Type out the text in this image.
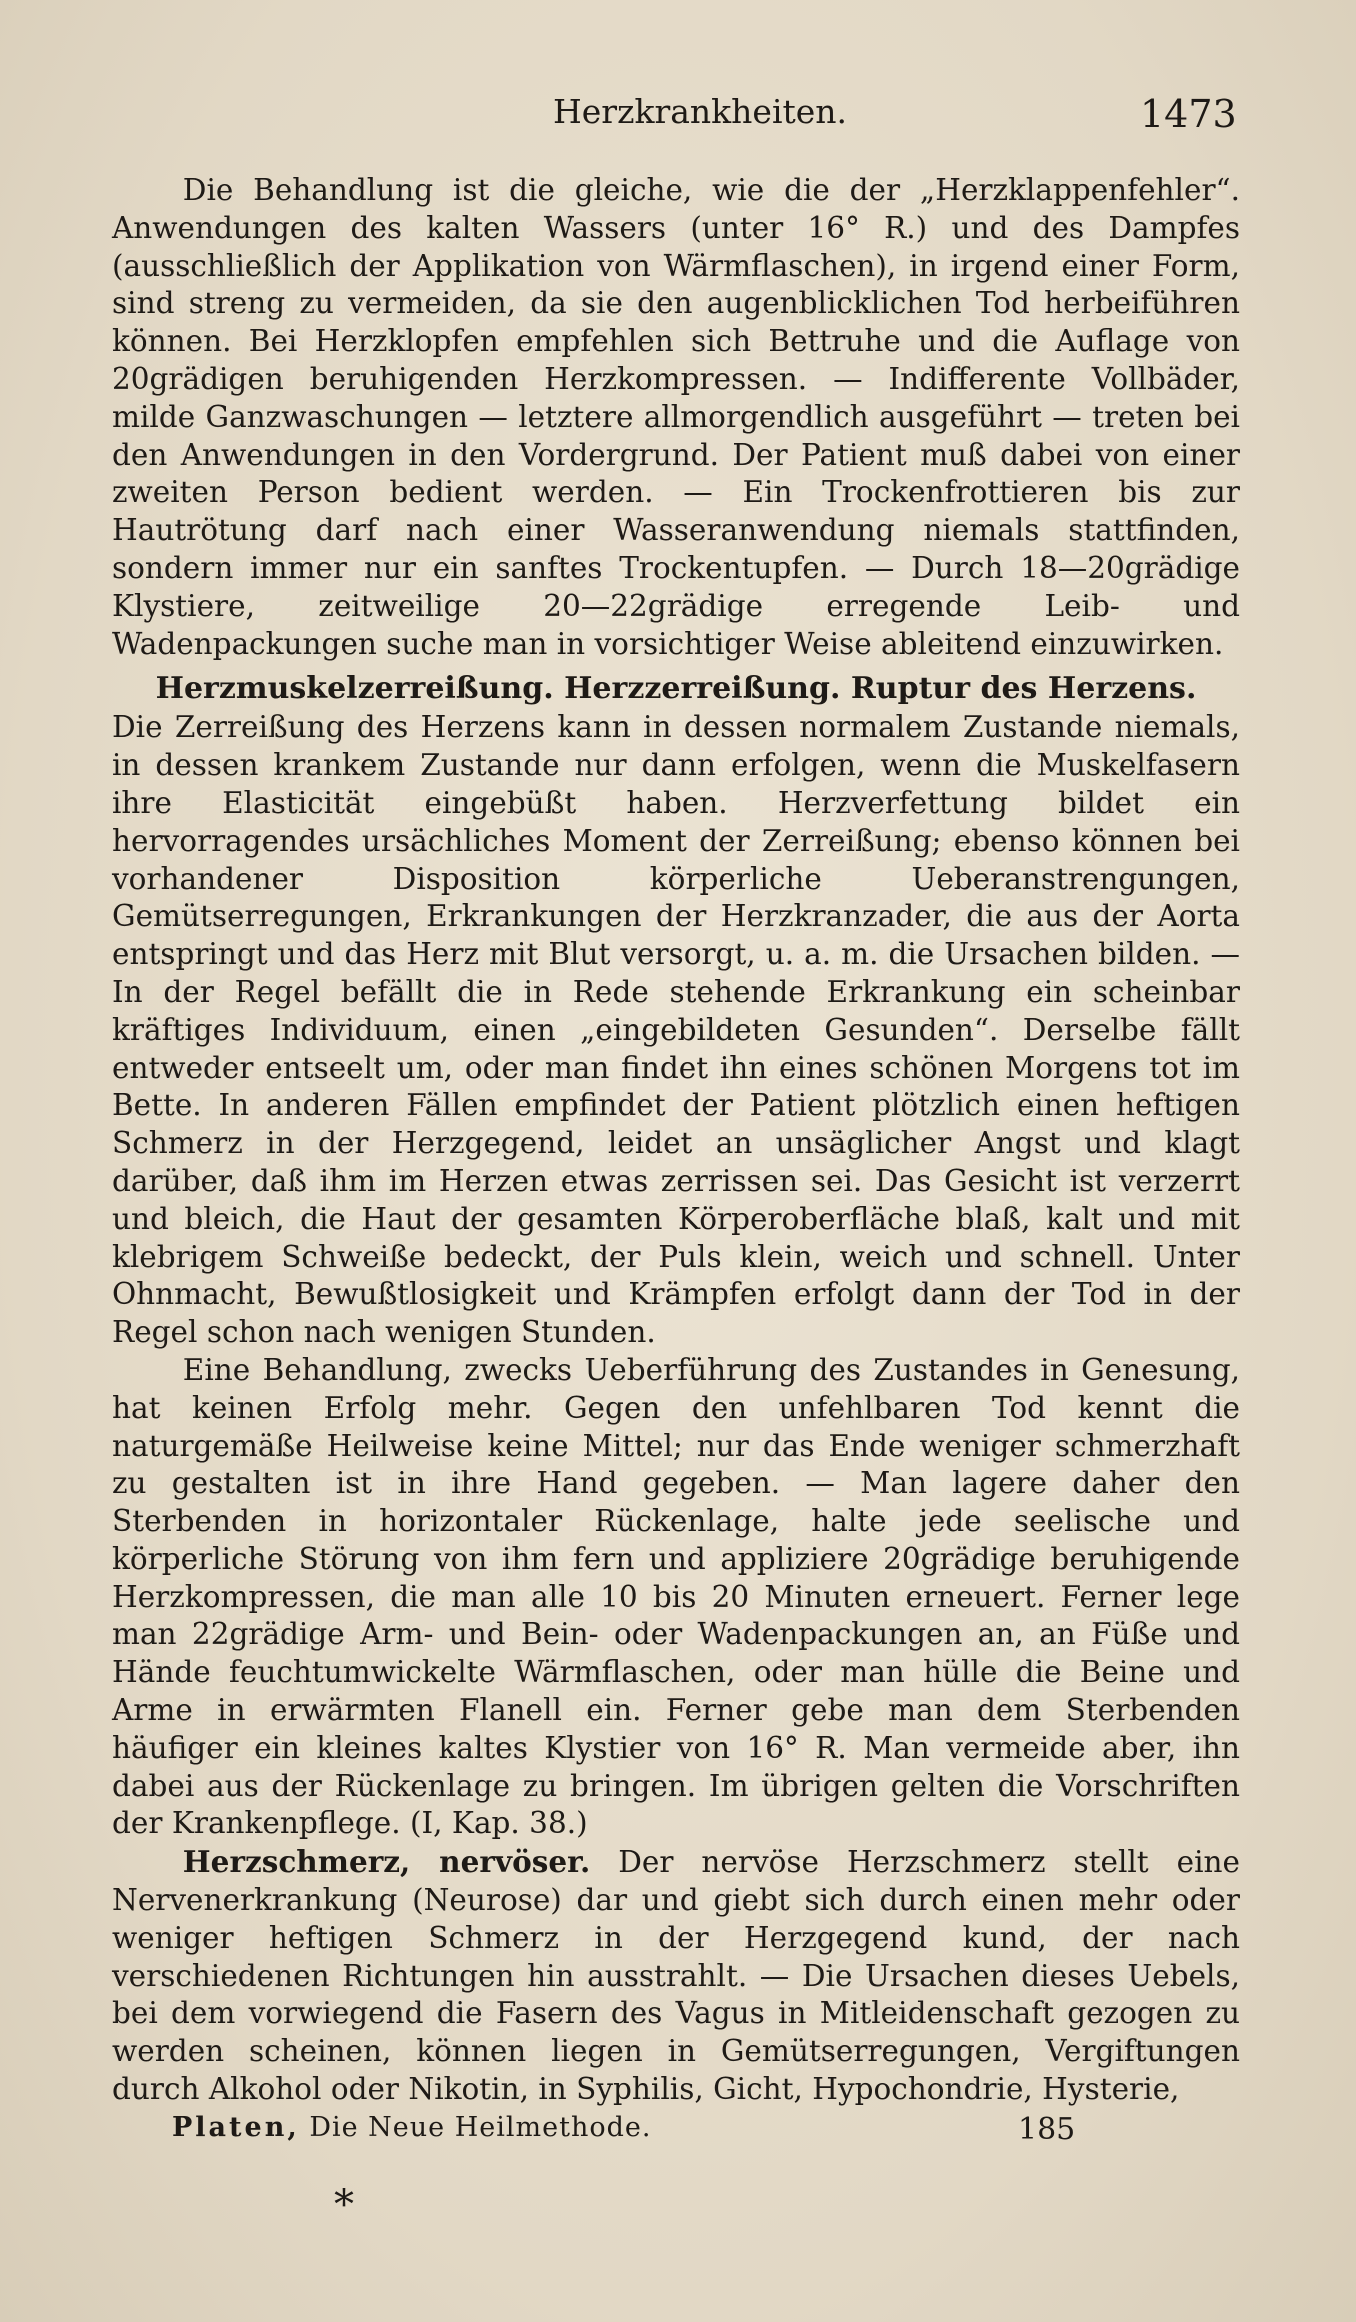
Herzkrankheiten.	1473

Die Behandlung ist die gleiche, wie die der „Herzklappenfehler“. Anwendungen des kalten Wassers (unter 16° R.) und des Dampfes (ausschließlich der Applikation von Wärmflaschen), in irgend einer Form, sind streng zu vermeiden, da sie den augenblicklichen Tod herbeiführen können. Bei Herzklopfen empfehlen sich Bettruhe und die Auflage von 20grädigen beruhigenden Herzkompressen. — Indifferente Vollbäder, milde Ganzwaschungen — letztere allmorgendlich ausgeführt — treten bei den Anwendungen in den Vordergrund. Der Patient muß dabei von einer zweiten Person bedient werden. — Ein Trockenfrottieren bis zur Hautrötung darf nach einer Wasseranwendung niemals stattfinden, sondern immer nur ein sanftes Trockentupfen. — Durch 18—20grädige Klystiere, zeitweilige 20—22grädige erregende Leib- und Wadenpackungen suche man in vorsichtiger Weise ableitend einzuwirken.

Herzmuskelzerreißung. Herzzerreißung. Ruptur des Herzens.

Die Zerreißung des Herzens kann in dessen normalem Zustande niemals, in dessen krankem Zustande nur dann erfolgen, wenn die Muskelfasern ihre Elasticität eingebüßt haben. Herzverfettung bildet ein hervorragendes ursächliches Moment der Zerreißung; ebenso können bei vorhandener Disposition körperliche Ueberanstrengungen, Gemütserregungen, Erkrankungen der Herzkranzader, die aus der Aorta entspringt und das Herz mit Blut versorgt, u. a. m. die Ursachen bilden. — In der Regel befällt die in Rede stehende Erkrankung ein scheinbar kräftiges Individuum, einen „eingebildeten Gesunden“. Derselbe fällt entweder entseelt um, oder man findet ihn eines schönen Morgens tot im Bette. In anderen Fällen empfindet der Patient plötzlich einen heftigen Schmerz in der Herzgegend, leidet an unsäglicher Angst und klagt darüber, daß ihm im Herzen etwas zerrissen sei. Das Gesicht ist verzerrt und bleich, die Haut der gesamten Körperoberfläche blaß, kalt und mit klebrigem Schweiße bedeckt, der Puls klein, weich und schnell. Unter Ohnmacht, Bewußtlosigkeit und Krämpfen erfolgt dann der Tod in der Regel schon nach wenigen Stunden.

Eine Behandlung, zwecks Ueberführung des Zustandes in Genesung, hat keinen Erfolg mehr. Gegen den unfehlbaren Tod kennt die naturgemäße Heilweise keine Mittel; nur das Ende weniger schmerzhaft zu gestalten ist in ihre Hand gegeben. — Man lagere daher den Sterbenden in horizontaler Rückenlage, halte jede seelische und körperliche Störung von ihm fern und appliziere 20grädige beruhigende Herzkompressen, die man alle 10 bis 20 Minuten erneuert. Ferner lege man 22grädige Arm- und Bein- oder Wadenpackungen an, an Füße und Hände feuchtumwickelte Wärmflaschen, oder man hülle die Beine und Arme in erwärmten Flanell ein. Ferner gebe man dem Sterbenden häufiger ein kleines kaltes Klystier von 16° R. Man vermeide aber, ihn dabei aus der Rückenlage zu bringen. Im übrigen gelten die Vorschriften der Krankenpflege. (I, Kap. 38.)

Herzschmerz, nervöser. Der nervöse Herzschmerz stellt eine Nervenerkrankung (Neurose) dar und giebt sich durch einen mehr oder weniger heftigen Schmerz in der Herzgegend kund, der nach verschiedenen Richtungen hin ausstrahlt. — Die Ursachen dieses Uebels, bei dem vorwiegend die Fasern des Vagus in Mitleidenschaft gezogen zu werden scheinen, können liegen in Gemütserregungen, Vergiftungen durch Alkohol oder Nikotin, in Syphilis, Gicht, Hypochondrie, Hysterie,

Platen, Die Neue Heilmethode.	185
*
